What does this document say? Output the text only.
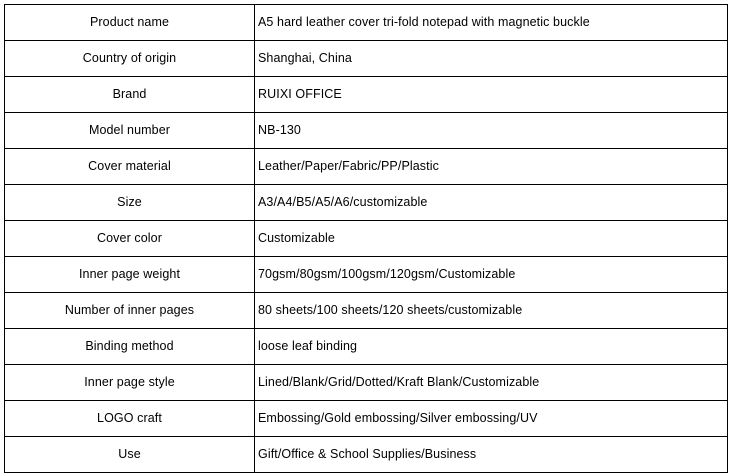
Product name	A5 hard leather cover tri-fold notepad with magnetic buckle
Country of origin	Shanghai, China
Brand	RUIXI OFFICE
Model number	NB-130
Cover material	Leather/Paper/Fabric/PP/Plastic
Size	A3/A4/B5/A5/A6/customizable
Cover color	Customizable
Inner page weight	70gsm/80gsm/100gsm/120gsm/Customizable
Number of inner pages	80 sheets/100 sheets/120 sheets/customizable
Binding method	loose leaf binding
Inner page style	Lined/Blank/Grid/Dotted/Kraft Blank/Customizable
LOGO craft	Embossing/Gold embossing/Silver embossing/UV
Use	Gift/Office & School Supplies/Business
